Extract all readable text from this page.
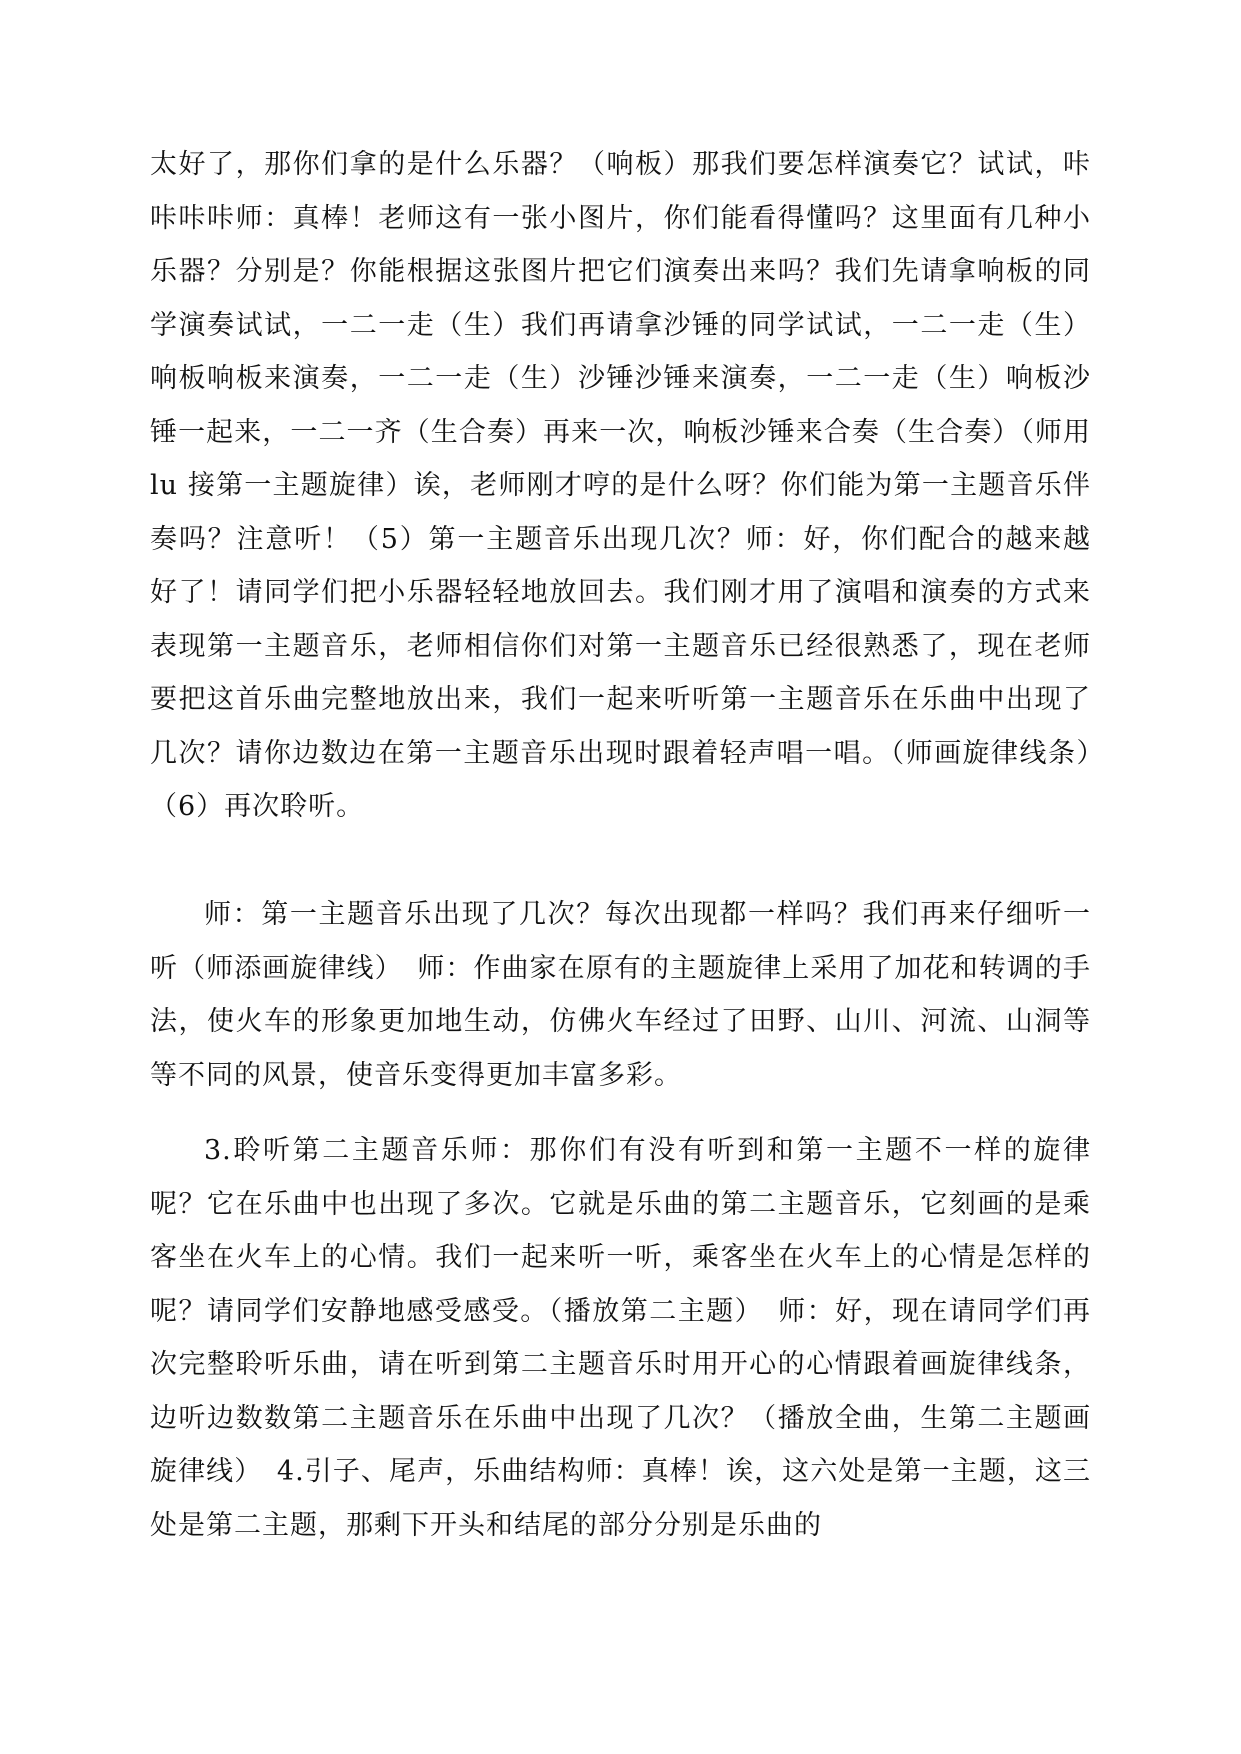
太好了，那你们拿的是什么乐器？（响板）那我们要怎样演奏它？试试，咔咔咔咔师：真棒！老师这有一张小图片，你们能看得懂吗？这里面有几种小乐器？分别是？你能根据这张图片把它们演奏出来吗？我们先请拿响板的同学演奏试试，一二一走（生）我们再请拿沙锤的同学试试，一二一走（生）响板响板来演奏，一二一走（生）沙锤沙锤来演奏，一二一走（生）响板沙锤一起来，一二一齐（生合奏）再来一次，响板沙锤来合奏（生合奏）（师用 lu 接第一主题旋律）诶，老师刚才哼的是什么呀？你们能为第一主题音乐伴奏吗？注意听！（5）第一主题音乐出现几次？师：好，你们配合的越来越好了！请同学们把小乐器轻轻地放回去。我们刚才用了演唱和演奏的方式来表现第一主题音乐，老师相信你们对第一主题音乐已经很熟悉了，现在老师要把这首乐曲完整地放出来，我们一起来听听第一主题音乐在乐曲中出现了几次？请你边数边在第一主题音乐出现时跟着轻声唱一唱。（师画旋律线条）　（6）再次聆听。

师：第一主题音乐出现了几次？每次出现都一样吗？我们再来仔细听一听（师添画旋律线）　师：作曲家在原有的主题旋律上采用了加花和转调的手法，使火车的形象更加地生动，仿佛火车经过了田野、山川、河流、山洞等等不同的风景，使音乐变得更加丰富多彩。

3.聆听第二主题音乐师：那你们有没有听到和第一主题不一样的旋律呢？它在乐曲中也出现了多次。它就是乐曲的第二主题音乐，它刻画的是乘客坐在火车上的心情。我们一起来听一听，乘客坐在火车上的心情是怎样的呢？请同学们安静地感受感受。（播放第二主题）　师：好，现在请同学们再次完整聆听乐曲，请在听到第二主题音乐时用开心的心情跟着画旋律线条，边听边数数第二主题音乐在乐曲中出现了几次？（播放全曲，生第二主题画旋律线）　4.引子、尾声，乐曲结构师：真棒！诶，这六处是第一主题，这三处是第二主题，那剩下开头和结尾的部分分别是乐曲的
